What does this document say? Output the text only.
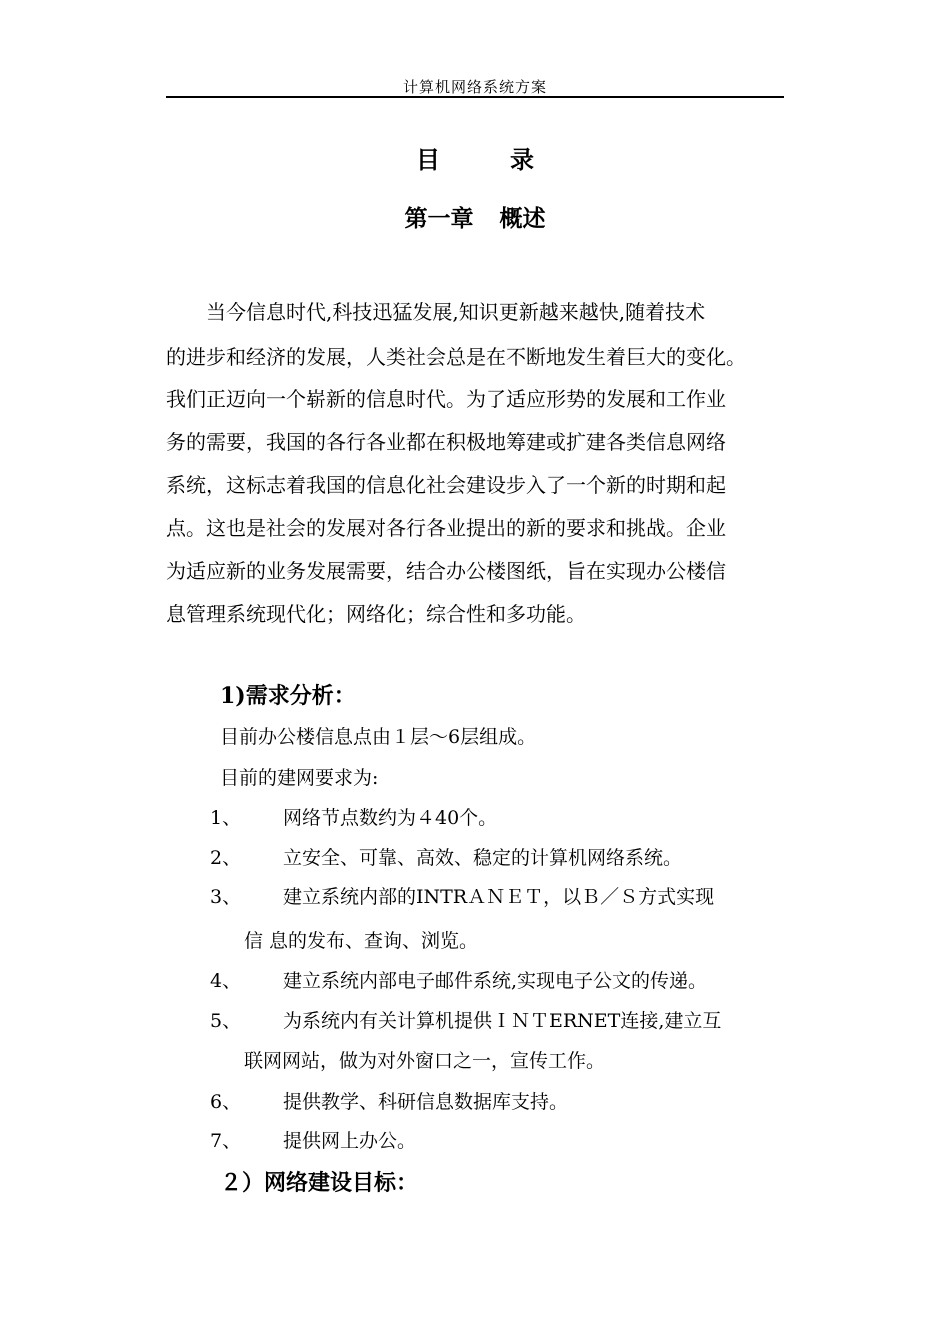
计算机网络系统方案
目	录
第一章 概述
　　当今信息时代,科技迅猛发展,知识更新越来越快,随着技术
的进步和经济的发展，人类社会总是在不断地发生着巨大的变化。
我们正迈向一个崭新的信息时代。为了适应形势的发展和工作业
务的需要，我国的各行各业都在积极地筹建或扩建各类信息网络
系统，这标志着我国的信息化社会建设步入了一个新的时期和起
点。这也是社会的发展对各行各业提出的新的要求和挑战。企业
为适应新的业务发展需要，结合办公楼图纸，旨在实现办公楼信
息管理系统现代化；网络化；综合性和多功能。
1)需求分析：
目前办公楼信息点由１层～6层组成。
目前的建网要求为:
1、 网络节点数约为４40个。
2、 立安全、可靠、高效、稳定的计算机网络系统。
3、 建立系统内部的INTRＡＮＥＴ，以Ｂ／Ｓ方式实现
信 息的发布、查询、浏览。
4、 建立系统内部电子邮件系统,实现电子公文的传递。
5、 为系统内有关计算机提供ＩＮＴERNET连接,建立互
联网网站，做为对外窗口之一，宣传工作。
6、 提供教学、科研信息数据库支持。
7、 提供网上办公。
２）网络建设目标：
